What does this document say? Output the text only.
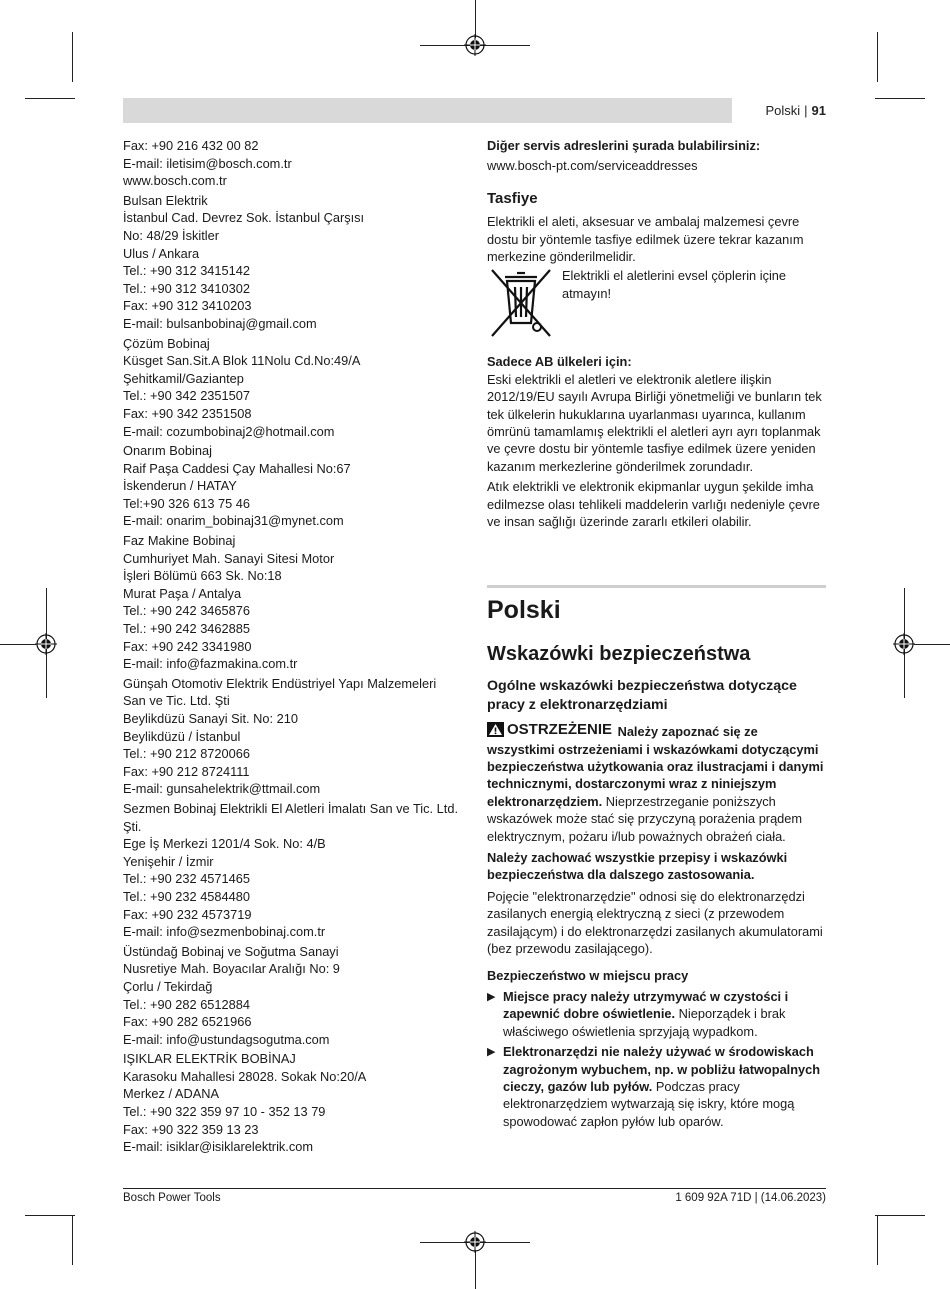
Polski | 91
Fax: +90 216 432 00 82
E-mail: iletisim@bosch.com.tr
www.bosch.com.tr
Bulsan Elektrik
İstanbul Cad. Devrez Sok. İstanbul Çarşısı
No: 48/29 İskitler
Ulus / Ankara
Tel.: +90 312 3415142
Tel.: +90 312 3410302
Fax: +90 312 3410203
E-mail: bulsanbobinaj@gmail.com
Çözüm Bobinaj
Küsget San.Sit.A Blok 11Nolu Cd.No:49/A
Şehitkamil/Gaziantep
Tel.: +90 342 2351507
Fax: +90 342 2351508
E-mail: cozumbobinaj2@hotmail.com
Onarım Bobinaj
Raif Paşa Caddesi Çay Mahallesi No:67
İskenderun / HATAY
Tel:+90 326 613 75 46
E-mail: onarim_bobinaj31@mynet.com
Faz Makine Bobinaj
Cumhuriyet Mah. Sanayi Sitesi Motor
İşleri Bölümü 663 Sk. No:18
Murat Paşa / Antalya
Tel.: +90 242 3465876
Tel.: +90 242 3462885
Fax: +90 242 3341980
E-mail: info@fazmakina.com.tr
Günşah Otomotiv Elektrik Endüstriyel Yapı Malzemeleri San ve Tic. Ltd. Şti
Beylikdüzü Sanayi Sit. No: 210
Beylikdüzü / İstanbul
Tel.: +90 212 8720066
Fax: +90 212 8724111
E-mail: gunsahelektrik@ttmail.com
Sezmen Bobinaj Elektrikli El Aletleri İmalatı San ve Tic. Ltd. Şti.
Ege İş Merkezi 1201/4 Sok. No: 4/B
Yenişehir / İzmir
Tel.: +90 232 4571465
Tel.: +90 232 4584480
Fax: +90 232 4573719
E-mail: info@sezmenbobinaj.com.tr
Üstündağ Bobinaj ve Soğutma Sanayi
Nusretiye Mah. Boyacılar Aralığı No: 9
Çorlu / Tekirdağ
Tel.: +90 282 6512884
Fax: +90 282 6521966
E-mail: info@ustundagsogutma.com
IŞIKLAR ELEKTRİK BOBİNAJ
Karasoku Mahallesi 28028. Sokak No:20/A
Merkez / ADANA
Tel.: +90 322 359 97 10 - 352 13 79
Fax: +90 322 359 13 23
E-mail: isiklar@isiklarelektrik.com

Diğer servis adreslerini şurada bulabilirsiniz:

www.bosch-pt.com/serviceaddresses

Tasfiye

Elektrikli el aleti, aksesuar ve ambalaj malzemesi çevre dostu bir yöntemle tasfiye edilmek üzere tekrar kazanım merkezine gönderilmelidir.

Elektrikli el aletlerini evsel çöplerin içine atmayın!

Sadece AB ülkeleri için:

Eski elektrikli el aletleri ve elektronik aletlere ilişkin 2012/19/EU sayılı Avrupa Birliği yönetmeliği ve bunların tek tek ülkelerin hukuklarına uyarlanması uyarınca, kullanım ömrünü tamamlamış elektrikli el aletleri ayrı ayrı toplanmak ve çevre dostu bir yöntemle tasfiye edilmek üzere yeniden kazanım merkezlerine gönderilmek zorundadır.

Atık elektrikli ve elektronik ekipmanlar uygun şekilde imha edilmezse olası tehlikeli maddelerin varlığı nedeniyle çevre ve insan sağlığı üzerinde zararlı etkileri olabilir.

Polski
Wskazówki bezpieczeństwa
Ogólne wskazówki bezpieczeństwa dotyczące pracy z elektronarzędziami

OSTRZEŻENIE Należy zapoznać się ze wszystkimi ostrzeżeniami i wskazówkami dotyczącymi bezpieczeństwa użytkowania oraz ilustracjami i danymi technicznymi, dostarczonymi wraz z niniejszym elektronarzędziem. Nieprzestrzeganie poniższych wskazówek może stać się przyczyną porażenia prądem elektrycznym, pożaru i/lub poważnych obrażeń ciała.

Należy zachować wszystkie przepisy i wskazówki bezpieczeństwa dla dalszego zastosowania.

Pojęcie "elektronarzędzie" odnosi się do elektronarzędzi zasilanych energią elektryczną z sieci (z przewodem zasilającym) i do elektronarzędzi zasilanych akumulatorami (bez przewodu zasilającego).

Bezpieczeństwo w miejscu pracy

▶ Miejsce pracy należy utrzymywać w czystości i zapewnić dobre oświetlenie. Nieporządek i brak właściwego oświetlenia sprzyjają wypadkom.

▶ Elektronarzędzi nie należy używać w środowiskach zagrożonym wybuchem, np. w pobliżu łatwopalnych cieczy, gazów lub pyłów. Podczas pracy elektronarzędziem wytwarzają się iskry, które mogą spowodować zapłon pyłów lub oparów.

Bosch Power Tools	1 609 92A 71D | (14.06.2023)
